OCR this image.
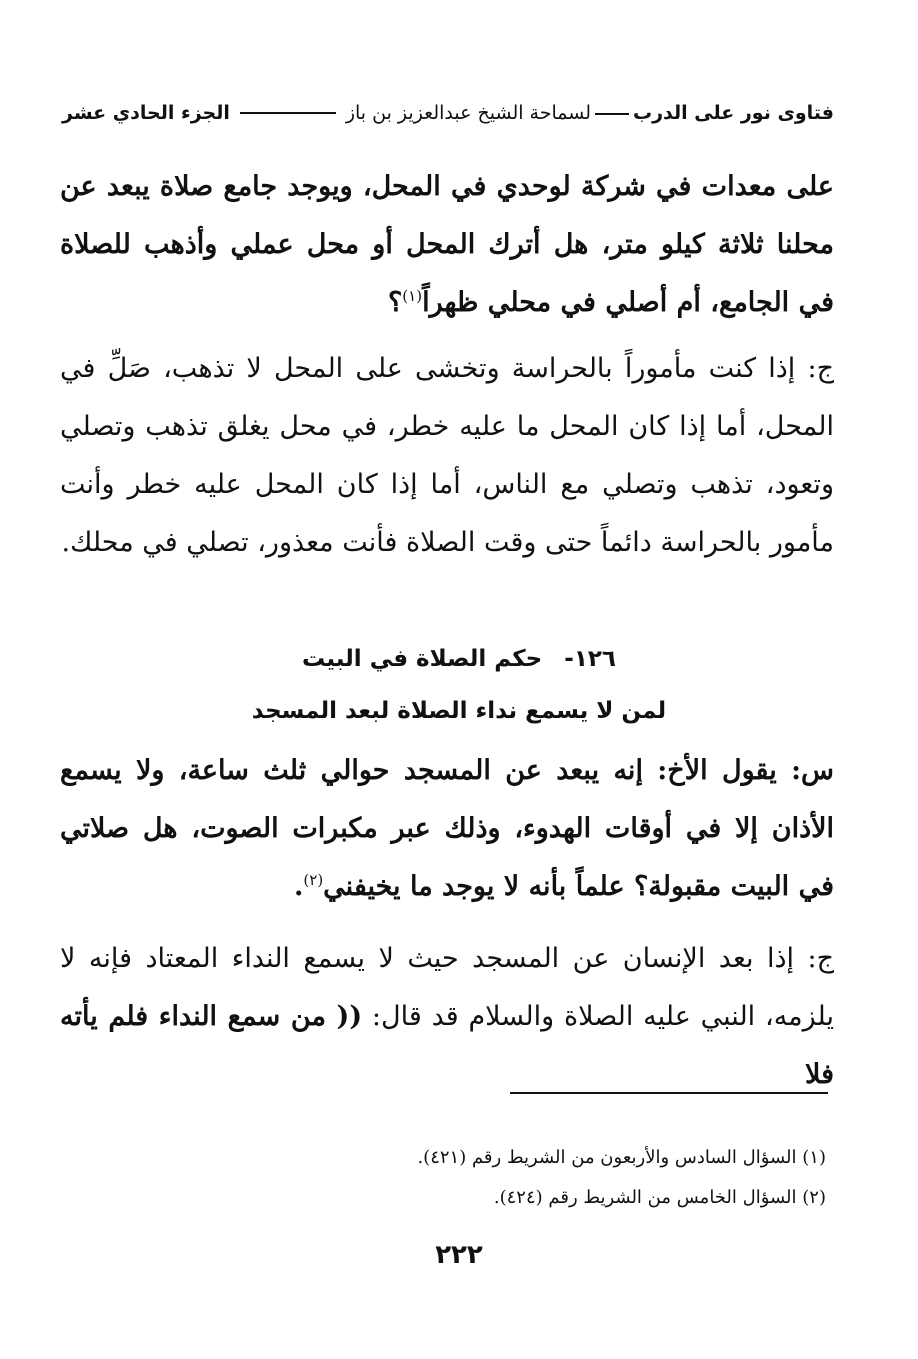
فتاوى نور على الدربلسماحة الشيخ عبدالعزيز بن باز
الجزء الحادي عشر
على معدات في شركة لوحدي في المحل، ويوجد جامع صلاة يبعد عن محلنا ثلاثة كيلو متر، هل أترك المحل أو محل عملي وأذهب للصلاة في الجامع، أم أصلي في محلي ظهراً$^{(١)}$؟
ج: إذا كنت مأموراً بالحراسة وتخشى على المحل لا تذهب، صَلِّ في المحل، أما إذا كان المحل ما عليه خطر، في محل يغلق تذهب وتصلي وتعود، تذهب وتصلي مع الناس، أما إذا كان المحل عليه خطر وأنت مأمور بالحراسة دائماً حتى وقت الصلاة فأنت معذور، تصلي في محلك.
١٢٦-حكم الصلاة في البيت
لمن لا يسمع نداء الصلاة لبعد المسجد
س: يقول الأخ: إنه يبعد عن المسجد حوالي ثلث ساعة، ولا يسمع الأذان إلا في أوقات الهدوء، وذلك عبر مكبرات الصوت، هل صلاتي في البيت مقبولة؟ علماً بأنه لا يوجد ما يخيفني$^{(٢)}$.
ج: إذا بعد الإنسان عن المسجد حيث لا يسمع النداء المعتاد فإنه لا يلزمه، النبي عليه الصلاة والسلام قد قال: (( من سمع النداء فلم يأته فلا
(١) السؤال السادس والأربعون من الشريط رقم (٤٢١).
(٢) السؤال الخامس من الشريط رقم (٤٢٤).
٢٢٢
